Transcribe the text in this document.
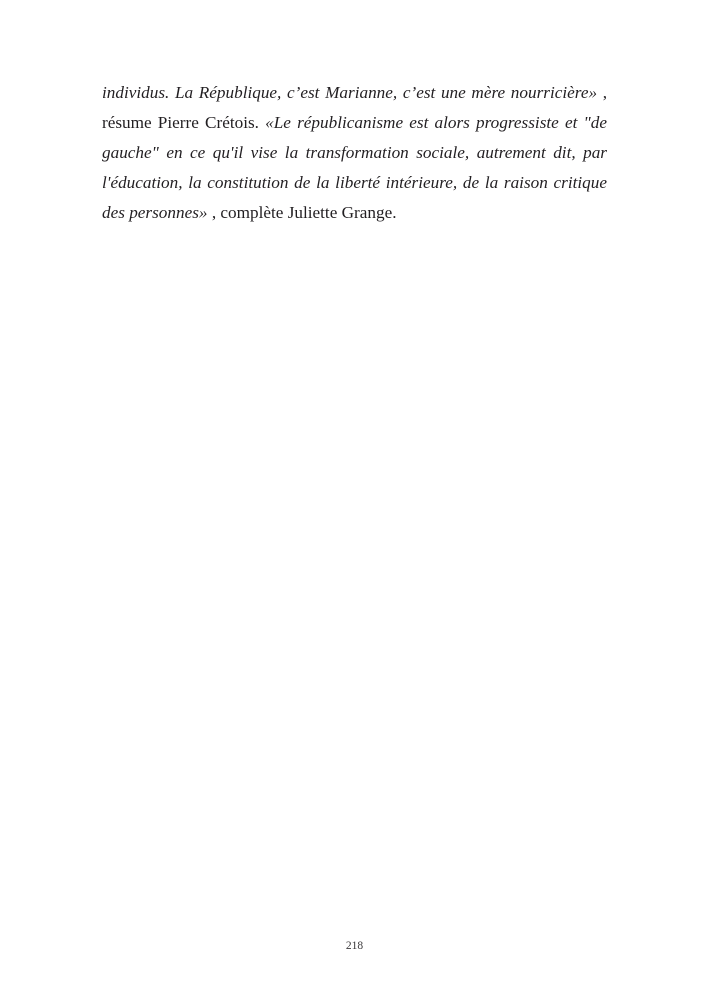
individus. La République, c’est Marianne, c’est une mère nourricière» , résume Pierre Crétois. «Le républicanisme est alors progressiste et "de gauche" en ce qu'il vise la transformation sociale, autrement dit, par l'éducation, la constitution de la liberté intérieure, de la raison critique des personnes» , complète Juliette Grange.

218
